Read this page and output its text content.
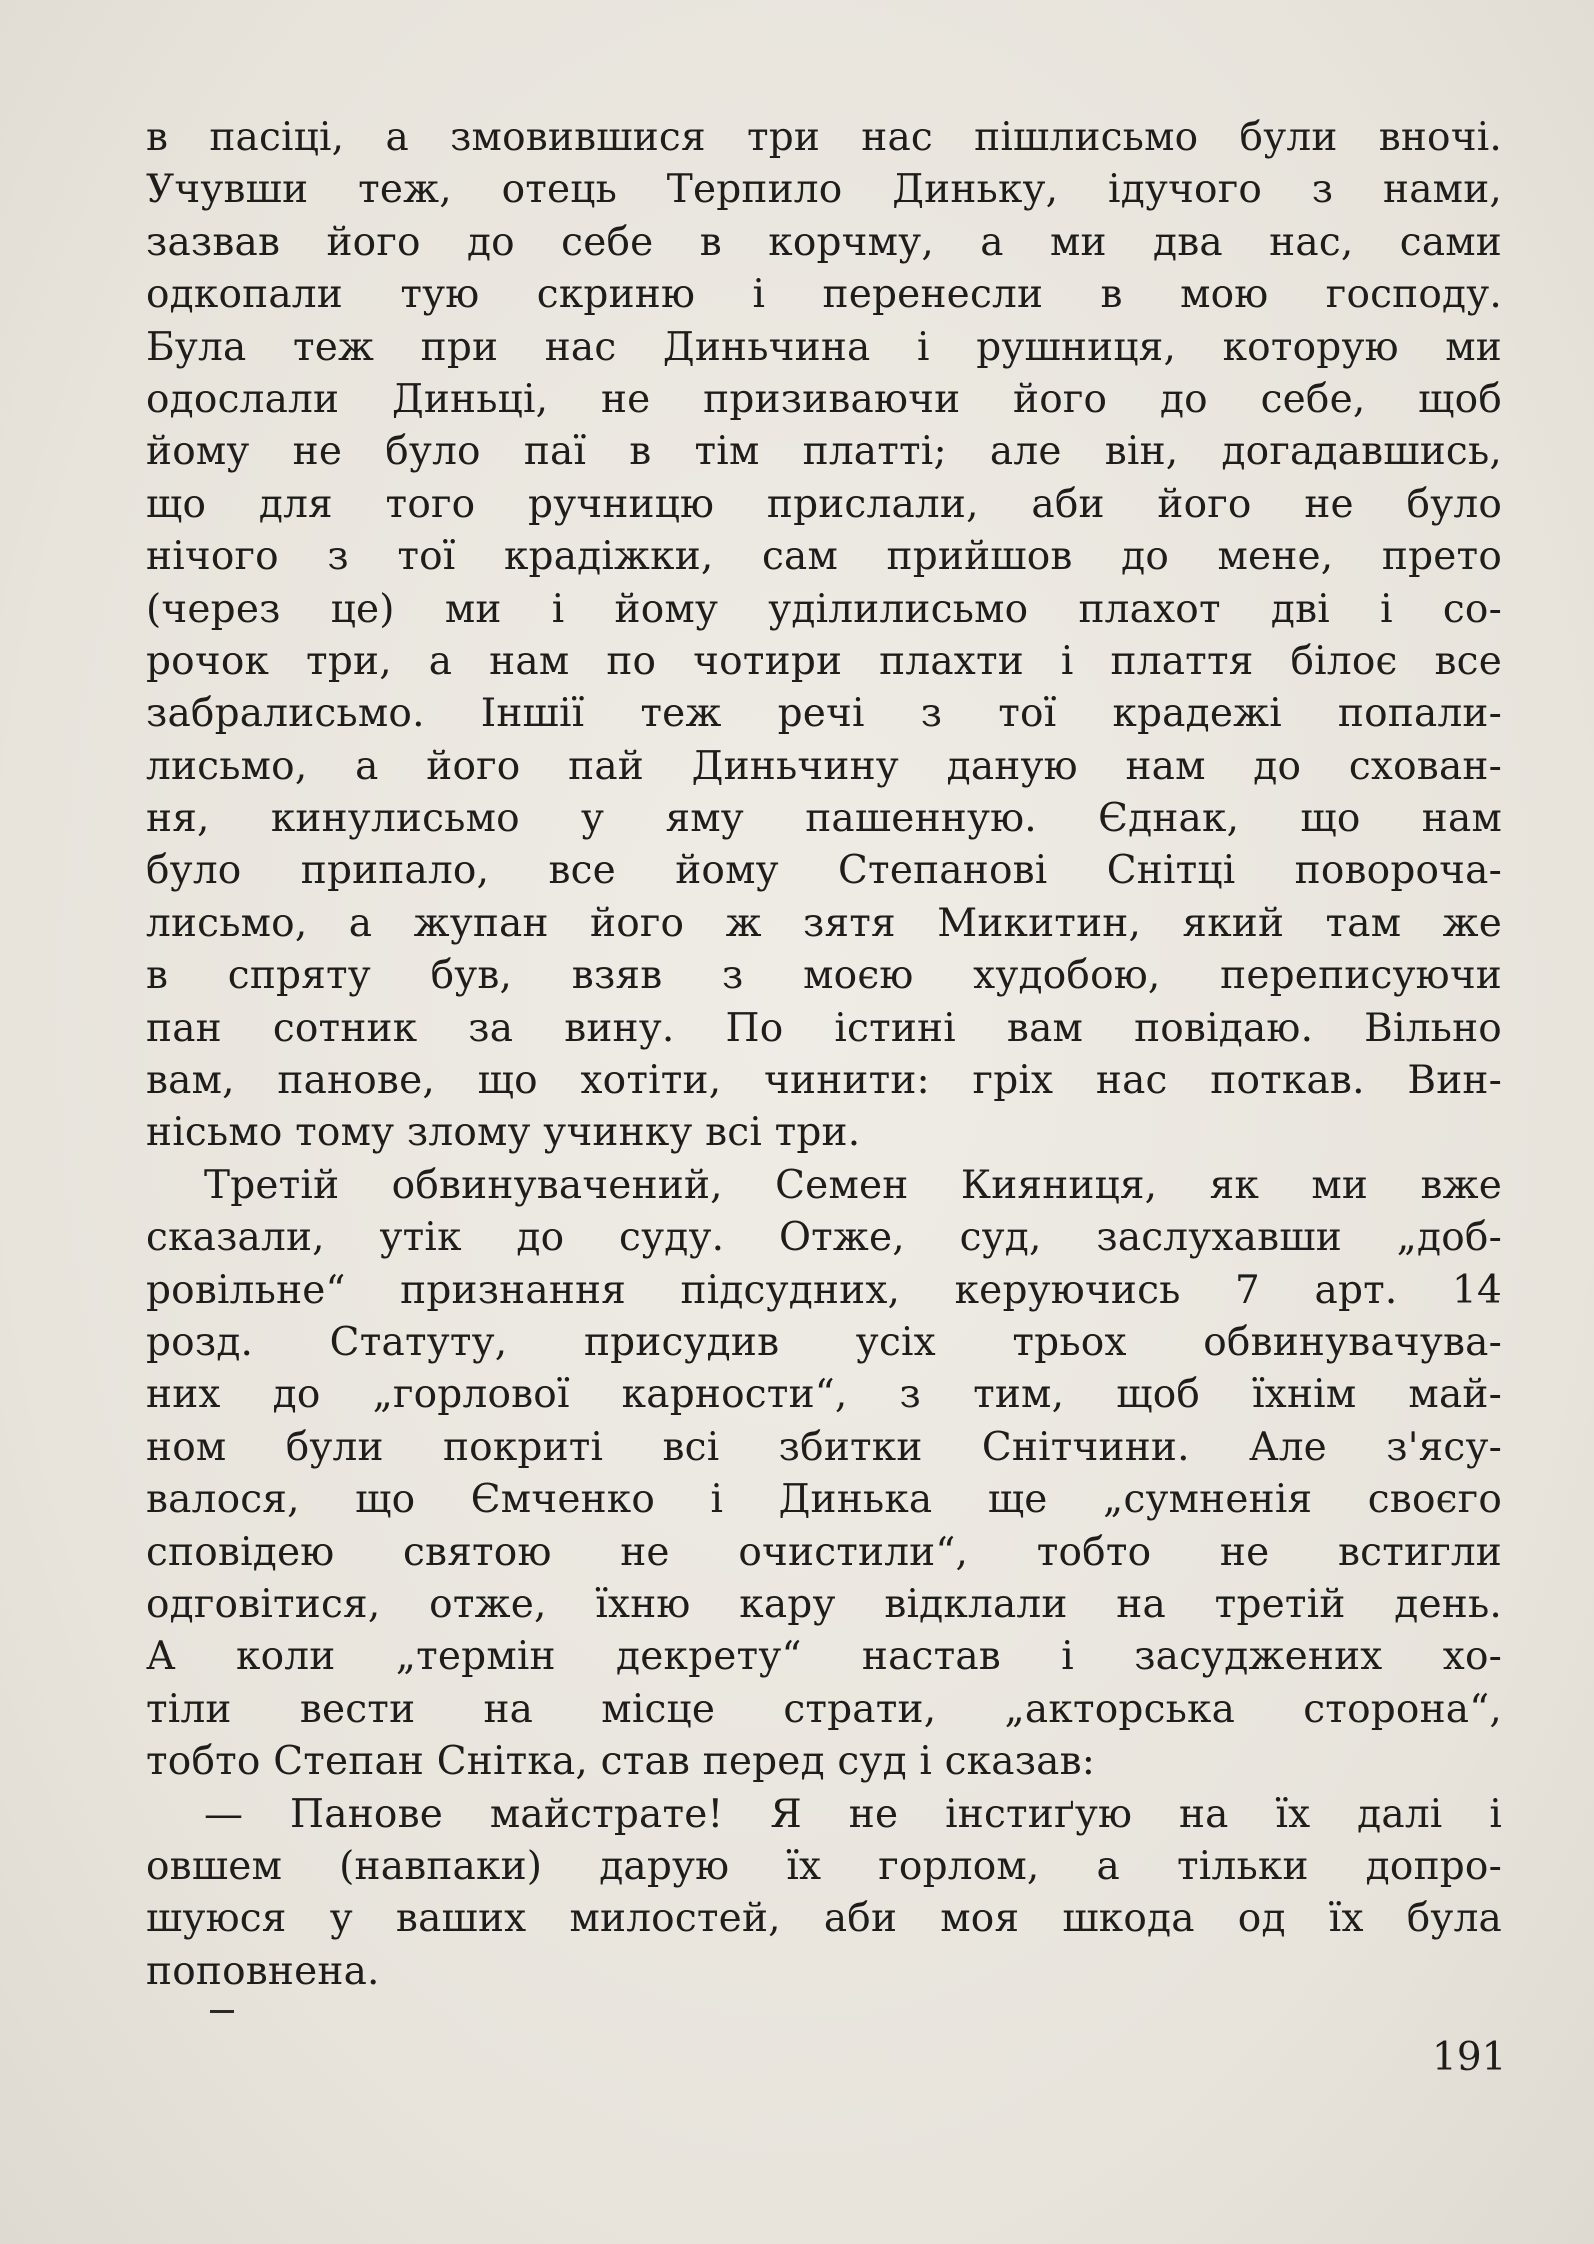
в пасіці, а змовившися три нас пішлисьмо були вночі.
Учувши теж, отець Терпило Диньку, ідучого з нами,
зазвав його до себе в корчму, а ми два нас, сами
одкопали тую скриню і перенесли в мою господу.
Була теж при нас Диньчина і рушниця, которую ми
одослали Диньці, не призиваючи його до себе, щоб
йому не було паї в тім платті; але він, догадавшись,
що для того ручницю прислали, аби його не було
нічого з тої крадіжки, сам прийшов до мене, прето
(через це) ми і йому уділилисьмо плахот дві і со-
рочок три, а нам по чотири плахти і плаття білоє все
забралисьмо. Іншії теж речі з тої крадежі попали-
лисьмо, а його пай Диньчину даную нам до схован-
ня, кинулисьмо у яму пашенную. Єднак, що нам
було припало, все йому Степанові Снітці поворочa-
лисьмо, а жупан його ж зятя Микитин, який там же
в спряту був, взяв з моєю худобою, переписуючи
пан сотник за вину. По істині вам повідаю. Вільно
вам, панове, що хотіти, чинити: гріх нас поткав. Вин-
нісьмо тому злому учинку всі три.
Третій обвинувачений, Семен Кияниця, як ми вже
сказали, утік до суду. Отже, суд, заслухавши „доб-
ровільне“ признання підсудних, керуючись 7 арт. 14
розд. Статуту, присудив усіх трьох обвинувачува-
них до „горлової карности“, з тим, щоб їхнім май-
ном були покриті всі збитки Снітчини. Але з'ясу-
валося, що Ємченко і Динька ще „сумненія своєго
сповідею святою не очистили“, тобто не встигли
одговітися, отже, їхню кару відклали на третій день.
А коли „термін декрету“ настав і засуджених хо-
тіли вести на місце страти, „акторська сторона“,
тобто Степан Снітка, став перед суд і сказав:
— Панове майстрате! Я не інстиґую на їх далі і
овшем (навпаки) дарую їх горлом, а тільки допро-
шуюся у ваших милостей, аби моя шкода од їх була
поповнена.
191
